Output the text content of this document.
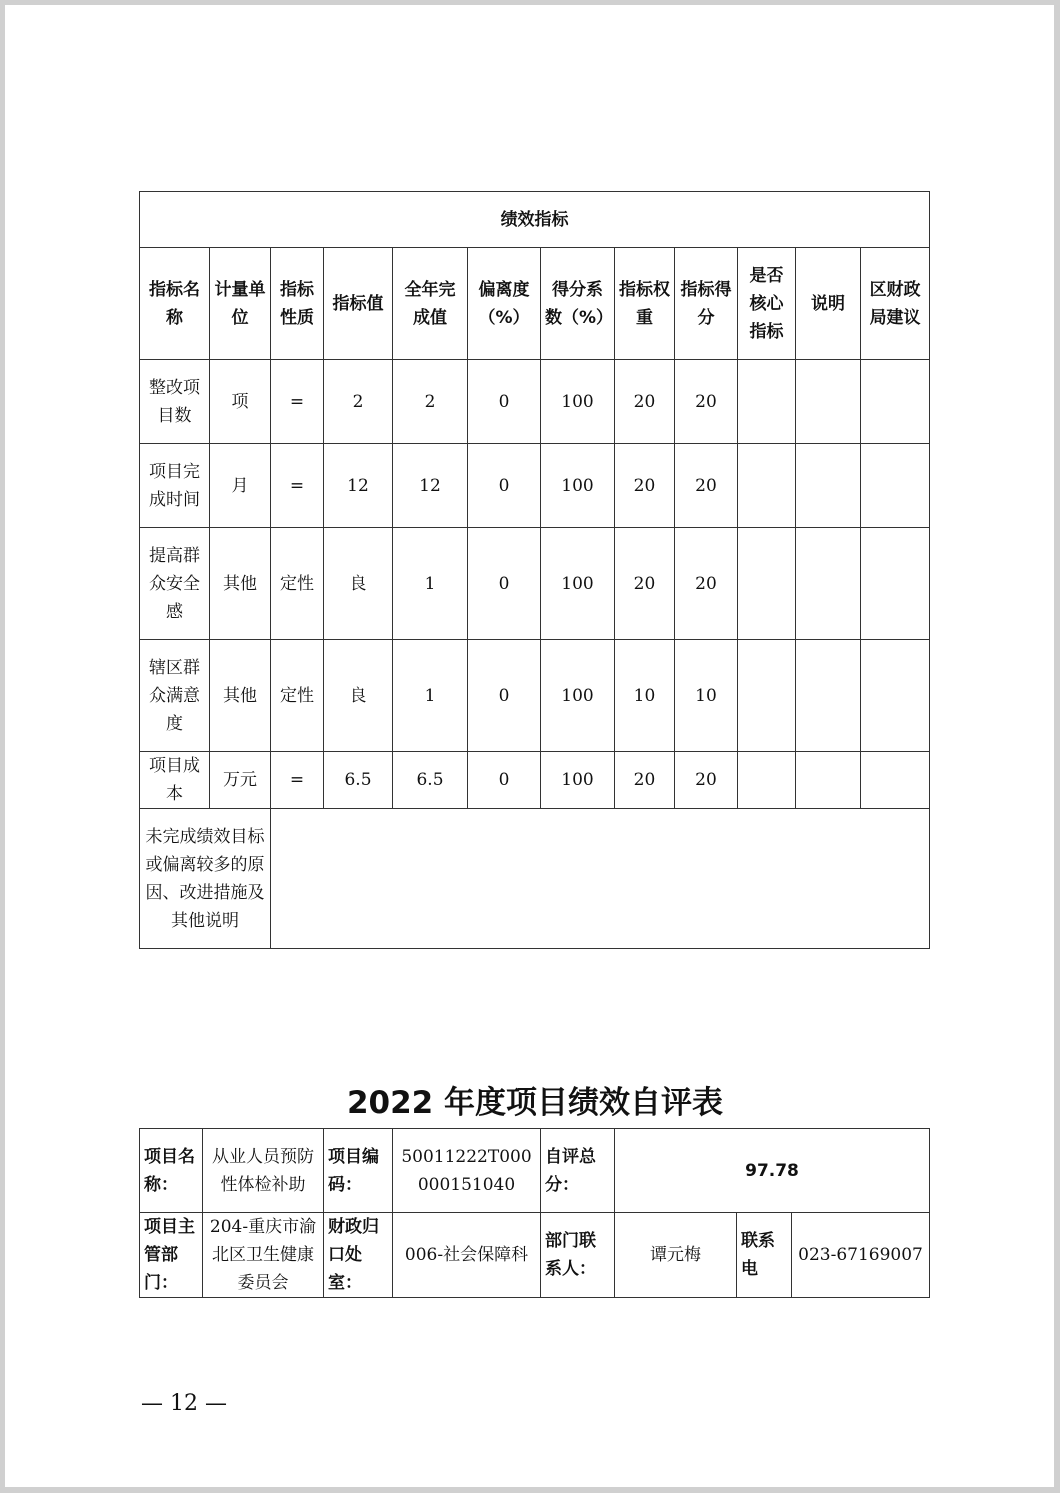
绩效指标											
指标名称	计量单位	指标性质	指标值	全年完成值	偏离度（%）	得分系数（%）	指标权重	指标得分	是否核心指标	说明	区财政局建议
整改项目数	项	=	2	2	0	100	20	20			
项目完成时间	月	=	12	12	0	100	20	20			
提高群众安全感	其他	定性	良	1	0	100	20	20			
辖区群众满意度	其他	定性	良	1	0	100	10	10			
项目成本	万元	=	6.5	6.5	0	100	20	20			
未完成绩效目标或偏离较多的原因、改进措施及其他说明											
2022 年度项目绩效自评表
项目名称：	从业人员预防性体检补助	项目编码：	50011222T000000151040	自评总分：	97.78		
项目主管部门：	204-重庆市渝北区卫生健康委员会	财政归口处室：	006-社会保障科	部门联系人：	谭元梅	联系电	023-67169007
— 12 —
